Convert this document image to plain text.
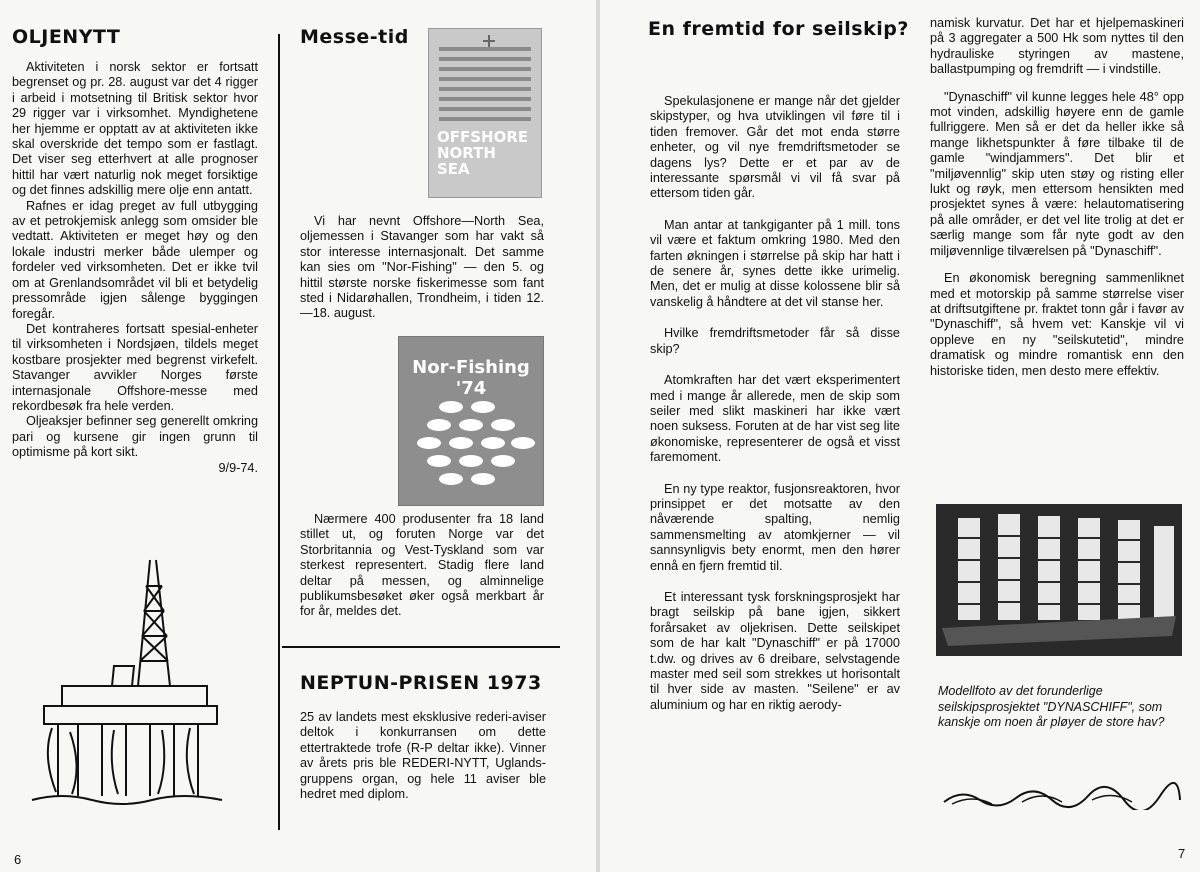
OLJENYTT

Aktiviteten i norsk sektor er fortsatt begrenset og pr. 28. august var det 4 rigger i arbeid i motsetning til Britisk sektor hvor 29 rigger var i virksomhet. Myndighetene her hjemme er opptatt av at aktiviteten ikke skal overskride det tempo som er fastlagt. Det viser seg etterhvert at alle prognoser hittil har vært naturlig nok meget forsiktige og det finnes adskillig mere olje enn antatt.

Rafnes er idag preget av full utbygging av et petrokjemisk anlegg som omsider ble vedtatt. Aktiviteten er meget høy og den lokale industri merker både ulemper og fordeler ved virksomheten. Det er ikke tvil om at Grenlandsområdet vil bli et betydelig pressområde igjen sålenge byggingen foregår.

Det kontraheres fortsatt spesial-enheter til virksomheten i Nordsjøen, tildels meget kostbare prosjekter med begrenst virkefelt. Stavanger avvikler Norges første internasjonale Offshore-messe med rekordbesøk fra hele verden.

Oljeaksjer befinner seg generellt omkring pari og kursene gir ingen grunn til optimisme på kort sikt.

9/9-74.
Messe-tid
OFFSHORE NORTH SEA

Vi har nevnt Offshore—North Sea, oljemessen i Stavanger som har vakt så stor interesse internasjonalt. Det samme kan sies om "Nor-Fishing" — den 5. og hittil største norske fiskerimesse som fant sted i Nidarøhallen, Trondheim, i tiden 12.—18. august.

Nor-Fishing '74

Nærmere 400 produsenter fra 18 land stillet ut, og foruten Norge var det Storbritannia og Vest-Tyskland som var sterkest representert. Stadig flere land deltar på messen, og alminnelige publikumsbesøket øker også merkbart år for år, meldes det.

NEPTUN-PRISEN 1973

25 av landets mest eksklusive rederi-aviser deltok i konkurransen om dette ettertraktede trofe (R-P deltar ikke). Vinner av årets pris ble REDERI-NYTT, Uglands-gruppens organ, og hele 11 aviser ble hedret med diplom.

6
En fremtid for seilskip?

Spekulasjonene er mange når det gjelder skipstyper, og hva utviklingen vil føre til i tiden fremover. Går det mot enda større enheter, og vil nye fremdriftsmetoder se dagens lys? Dette er et par av de interessante spørsmål vi vil få svar på ettersom tiden går.

Man antar at tankgiganter på 1 mill. tons vil være et faktum omkring 1980. Med den farten økningen i størrelse på skip har hatt i de senere år, synes dette ikke urimelig. Men, det er mulig at disse kolossene blir så vanskelig å håndtere at det vil stanse her.

Hvilke fremdriftsmetoder får så disse skip?

Atomkraften har det vært eksperimentert med i mange år allerede, men de skip som seiler med slikt maskineri har ikke vært noen suksess. Foruten at de har vist seg lite økonomiske, representerer de også et visst faremoment.

En ny type reaktor, fusjonsreaktoren, hvor prinsippet er det motsatte av den nåværende spalting, nemlig sammensmelting av atomkjerner — vil sannsynligvis bety enormt, men den hører ennå en fjern fremtid til.

Et interessant tysk forskningsprosjekt har bragt seilskip på bane igjen, sikkert forårsaket av oljekrisen. Dette seilskipet som de har kalt "Dynaschiff" er på 17000 t.dw. og drives av 6 dreibare, selvstagende master med seil som strekkes ut horisontalt til hver side av masten. "Seilene" er av aluminium og har en riktig aerody-

namisk kurvatur. Det har et hjelpemaskineri på 3 aggregater a 500 Hk som nyttes til den hydrauliske styringen av mastene, ballastpumping og fremdrift — i vindstille.

"Dynaschiff" vil kunne legges hele 48° opp mot vinden, adskillig høyere enn de gamle fullriggere. Men så er det da heller ikke så mange likhetspunkter å føre tilbake til de gamle "windjammers". Det blir et "miljøvennlig" skip uten støy og risting eller lukt og røyk, men ettersom hensikten med prosjektet synes å være: helautomatisering på alle områder, er det vel lite trolig at det er særlig mange som får nyte godt av den miljøvennlige tilværelsen på "Dynaschiff".

En økonomisk beregning sammenliknet med et motorskip på samme størrelse viser at driftsutgiftene pr. fraktet tonn går i favør av "Dynaschiff", så hvem vet: Kanskje vil vi oppleve en ny "seilskutetid", mindre dramatisk og mindre romantisk enn den historiske tiden, men desto mere effektiv.

Modellfoto av det forunderlige seilskipsprosjektet "DYNASCHIFF", som kanskje om noen år pløyer de store hav?
7
